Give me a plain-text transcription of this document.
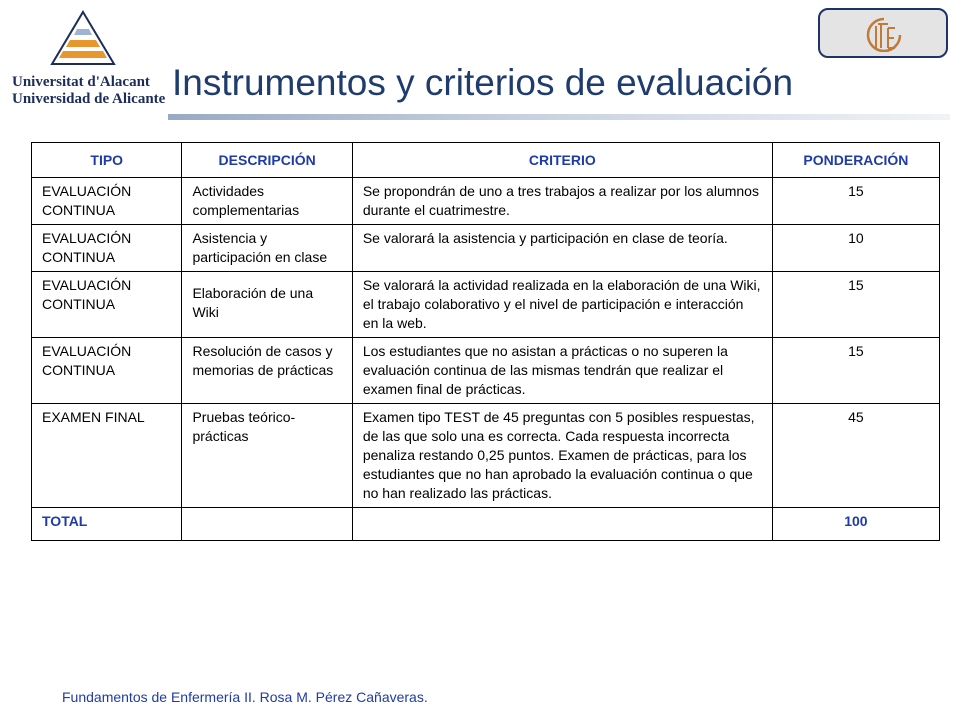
Universitat d'Alacant
Universidad de Alicante Instrumentos y criterios de evaluación
TIPO	DESCRIPCIÓN	CRITERIO	PONDERACIÓN
EVALUACIÓN CONTINUA	Actividades complementarias	Se propondrán de uno a tres trabajos a realizar por los alumnos durante el cuatrimestre.	15
EVALUACIÓN CONTINUA	Asistencia y participación en clase	Se valorará la asistencia y participación en clase de teoría.	10
EVALUACIÓN CONTINUA	Elaboración de una Wiki	Se valorará la actividad realizada en la elaboración de una Wiki, el trabajo colaborativo y el nivel de participación e interacción en la web.	15
EVALUACIÓN CONTINUA	Resolución de casos y memorias de prácticas	Los estudiantes que no asistan a prácticas o no superen la evaluación continua de las mismas tendrán que realizar el examen final de prácticas.	15
EXAMEN FINAL	Pruebas teórico-prácticas	Examen tipo TEST de 45 preguntas con 5 posibles respuestas, de las que solo una es correcta. Cada respuesta incorrecta penaliza restando 0,25 puntos. Examen de prácticas, para los estudiantes que no han aprobado la evaluación continua o que no han realizado las prácticas.	45
TOTAL			100
Fundamentos de Enfermería II. Rosa M. Pérez Cañaveras.
